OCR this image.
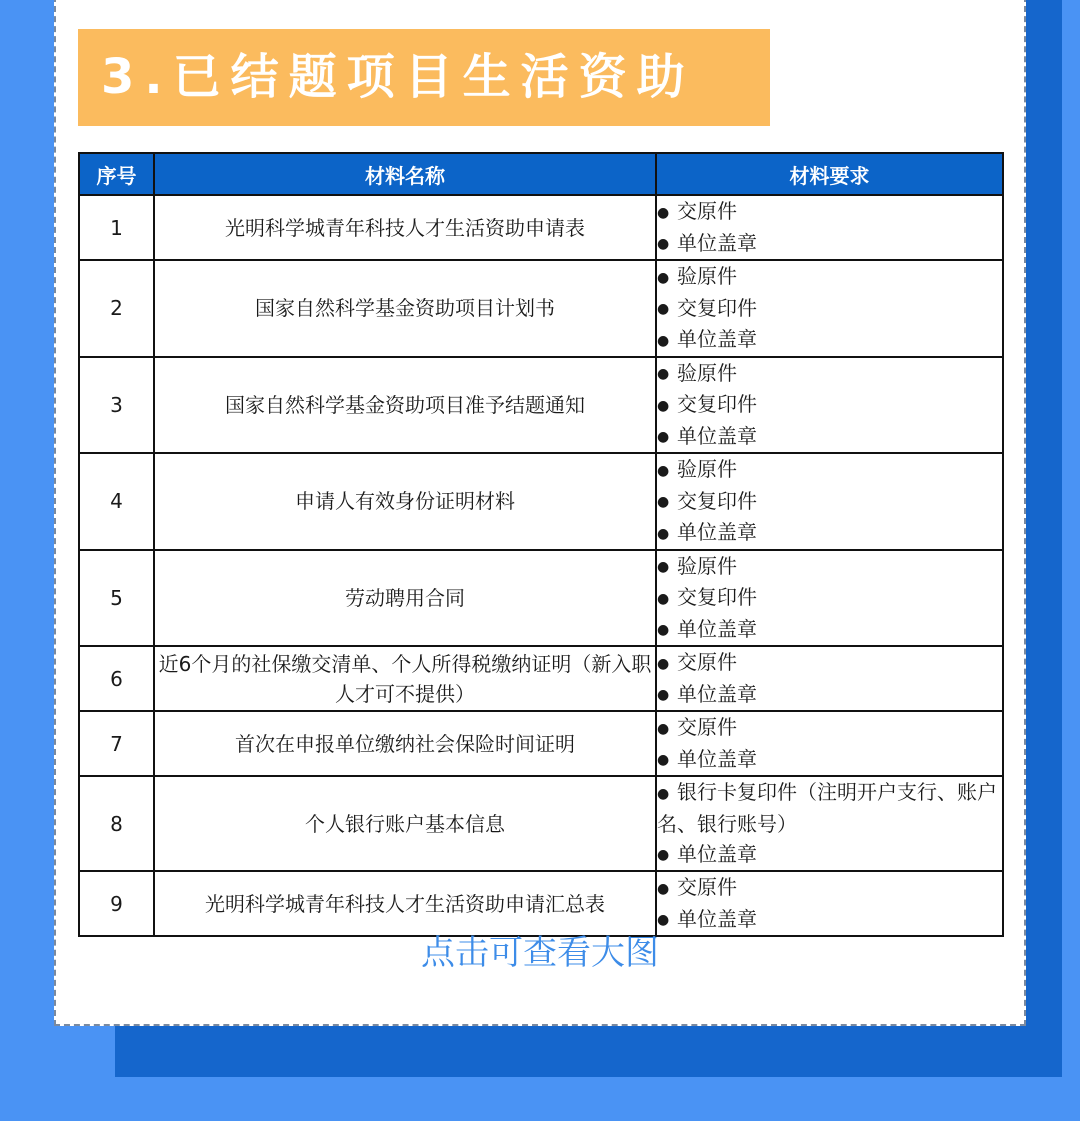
3.已结题项目生活资助
序号	材料名称	材料要求
1	光明科学城青年科技人才生活资助申请表	● 交原件
● 单位盖章

2	国家自然科学基金资助项目计划书	● 验原件
● 交复印件
● 单位盖章

3	国家自然科学基金资助项目准予结题通知	● 验原件
● 交复印件
● 单位盖章

4	申请人有效身份证明材料	● 验原件
● 交复印件
● 单位盖章

5	劳动聘用合同	● 验原件
● 交复印件
● 单位盖章

6	近6个月的社保缴交清单、个人所得税缴纳证明（新入职人才可不提供）	● 交原件
● 单位盖章

7	首次在申报单位缴纳社会保险时间证明	● 交原件
● 单位盖章

8	个人银行账户基本信息	● 银行卡复印件（注明开户支行、账户名、银行账号）
● 单位盖章

9	光明科学城青年科技人才生活资助申请汇总表	● 交原件
● 单位盖章
点击可查看大图
